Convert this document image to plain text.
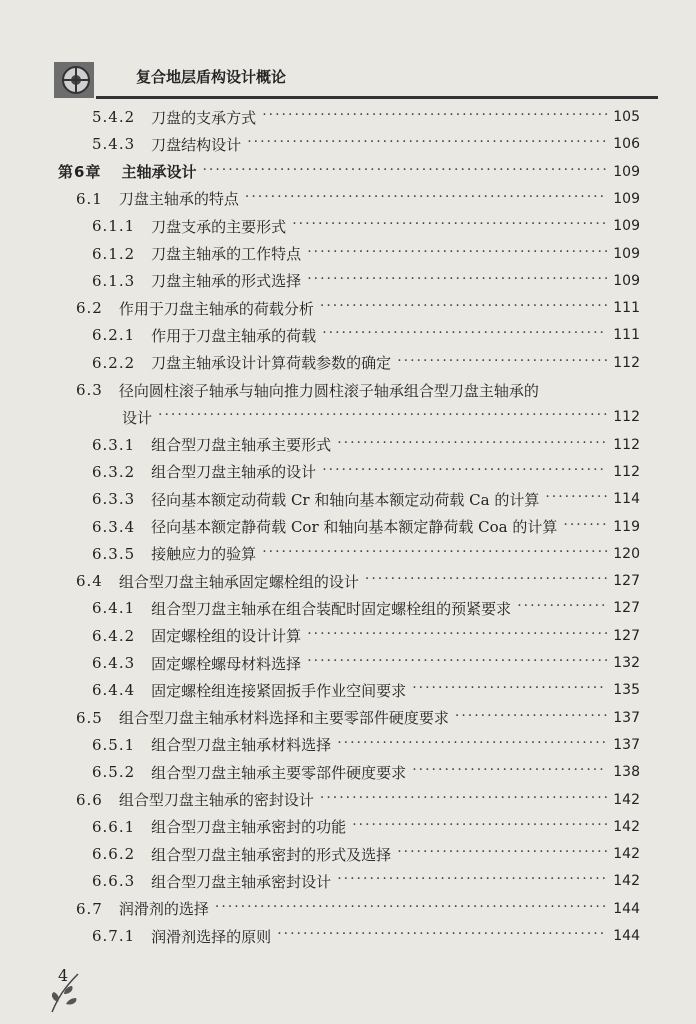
复合地层盾构设计概论
5.4.2 刀盘的支承方式 ·····	105
5.4.3 刀盘结构设计 ·····	106
第6章 主轴承设计 ·····	109
6.1 刀盘主轴承的特点 ·····	109
6.1.1 刀盘支承的主要形式 ·····	109
6.1.2 刀盘主轴承的工作特点 ·····	109
6.1.3 刀盘主轴承的形式选择 ·····	109
6.2 作用于刀盘主轴承的荷载分析 ·····	111
6.2.1 作用于刀盘主轴承的荷载 ·····	111
6.2.2 刀盘主轴承设计计算荷载参数的确定 ·····	112
6.3 径向圆柱滚子轴承与轴向推力圆柱滚子轴承组合型刀盘主轴承的
设计 ·····	112
6.3.1 组合型刀盘主轴承主要形式 ·····	112
6.3.2 组合型刀盘主轴承的设计 ·····	112
6.3.3 径向基本额定动荷载 Cr 和轴向基本额定动荷载 Ca 的计算 ·····	114
6.3.4 径向基本额定静荷载 Cor 和轴向基本额定静荷载 Coa 的计算 ·····	119
6.3.5 接触应力的验算 ·····	120
6.4 组合型刀盘主轴承固定螺栓组的设计 ·····	127
6.4.1 组合型刀盘主轴承在组合装配时固定螺栓组的预紧要求 ·····	127
6.4.2 固定螺栓组的设计计算 ·····	127
6.4.3 固定螺栓螺母材料选择 ·····	132
6.4.4 固定螺栓组连接紧固扳手作业空间要求 ·····	135
6.5 组合型刀盘主轴承材料选择和主要零部件硬度要求 ·····	137
6.5.1 组合型刀盘主轴承材料选择 ·····	137
6.5.2 组合型刀盘主轴承主要零部件硬度要求 ·····	138
6.6 组合型刀盘主轴承的密封设计 ·····	142
6.6.1 组合型刀盘主轴承密封的功能 ·····	142
6.6.2 组合型刀盘主轴承密封的形式及选择 ·····	142
6.6.3 组合型刀盘主轴承密封设计 ·····	142
6.7 润滑剂的选择 ·····	144
6.7.1 润滑剂选择的原则 ·····	144
4
